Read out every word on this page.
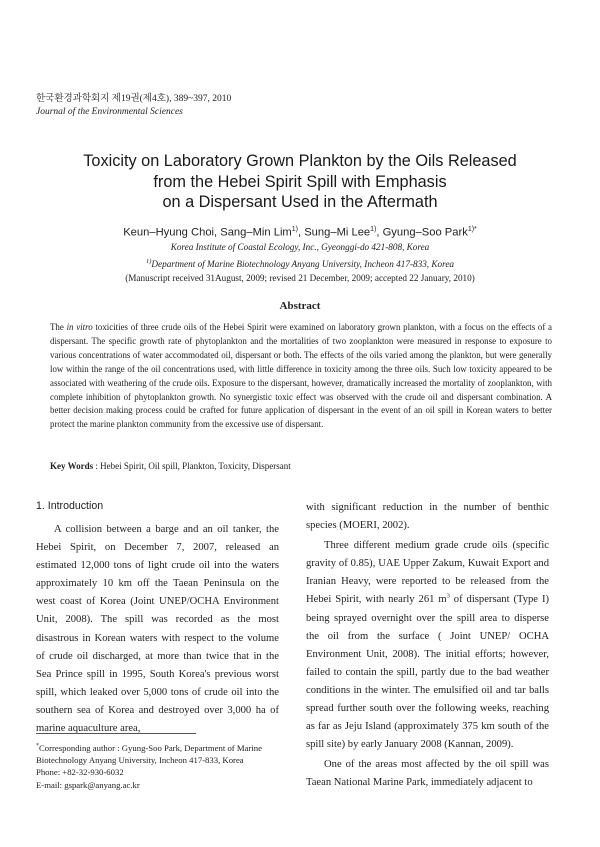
한국환경과학회지 제19권(제4호), 389~397, 2010
Journal of the Environmental Sciences
Toxicity on Laboratory Grown Plankton by the Oils Released
from the Hebei Spirit Spill with Emphasis
on a Dispersant Used in the Aftermath
Keun–Hyung Choi, Sang–Min Lim$^{1)}$, Sung–Mi Lee$^{1)}$, Gyung–Soo Park$^{1)*}$
Korea Institute of Coastal Ecology, Inc., Gyeonggi-do 421-808, Korea
$^{1)}$Department of Marine Biotechnology Anyang University, Incheon 417-833, Korea
(Manuscript received 31August, 2009; revised 21 December, 2009; accepted 22 January, 2010)
Abstract
The in vitro toxicities of three crude oils of the Hebei Spirit were examined on laboratory grown plankton, with a focus on the effects of a dispersant. The specific growth rate of phytoplankton and the mortalities of two zooplankton were measured in response to exposure to various concentrations of water accommodated oil, dispersant or both. The effects of the oils varied among the plankton, but were generally low within the range of the oil concentrations used, with little difference in toxicity among the three oils. Such low toxicity appeared to be associated with weathering of the crude oils. Exposure to the dispersant, however, dramatically increased the mortality of zooplankton, with complete inhibition of phytoplankton growth. No synergistic toxic effect was observed with the crude oil and dispersant combination. A better decision making process could be crafted for future application of dispersant in the event of an oil spill in Korean waters to better protect the marine plankton community from the excessive use of dispersant.
Key Words : Hebei Spirit, Oil spill, Plankton, Toxicity, Dispersant
1. Introduction

A collision between a barge and an oil tanker, the Hebei Spirit, on December 7, 2007, released an estimated 12,000 tons of light crude oil into the waters approximately 10 km off the Taean Peninsula on the west coast of Korea (Joint UNEP/OCHA Environment Unit, 2008). The spill was recorded as the most disastrous in Korean waters with respect to the volume of crude oil discharged, at more than twice that in the Sea Prince spill in 1995, South Korea's previous worst spill, which leaked over 5,000 tons of crude oil into the southern sea of Korea and destroyed over 3,000 ha of marine aquaculture area,

with significant reduction in the number of benthic species (MOERI, 2002).

Three different medium grade crude oils (specific gravity of 0.85), UAE Upper Zakum, Kuwait Export and Iranian Heavy, were reported to be released from the Hebei Spirit, with nearly 261 $m^3$ of dispersant (Type I) being sprayed overnight over the spill area to disperse the oil from the surface ( Joint UNEP/ OCHA Environment Unit, 2008). The initial efforts; however, failed to contain the spill, partly due to the bad weather conditions in the winter. The emulsified oil and tar balls spread further south over the following weeks, reaching as far as Jeju Island (approximately 375 km south of the spill site) by early January 2008 (Kannan, 2009).

One of the areas most affected by the oil spill was Taean National Marine Park, immediately adjacent to

*Corresponding author : Gyung-Soo Park, Department of Marine Biotechnology Anyang University, Incheon 417-833, Korea
Phone: +82-32-930-6032
E-mail: gspark@anyang.ac.kr
